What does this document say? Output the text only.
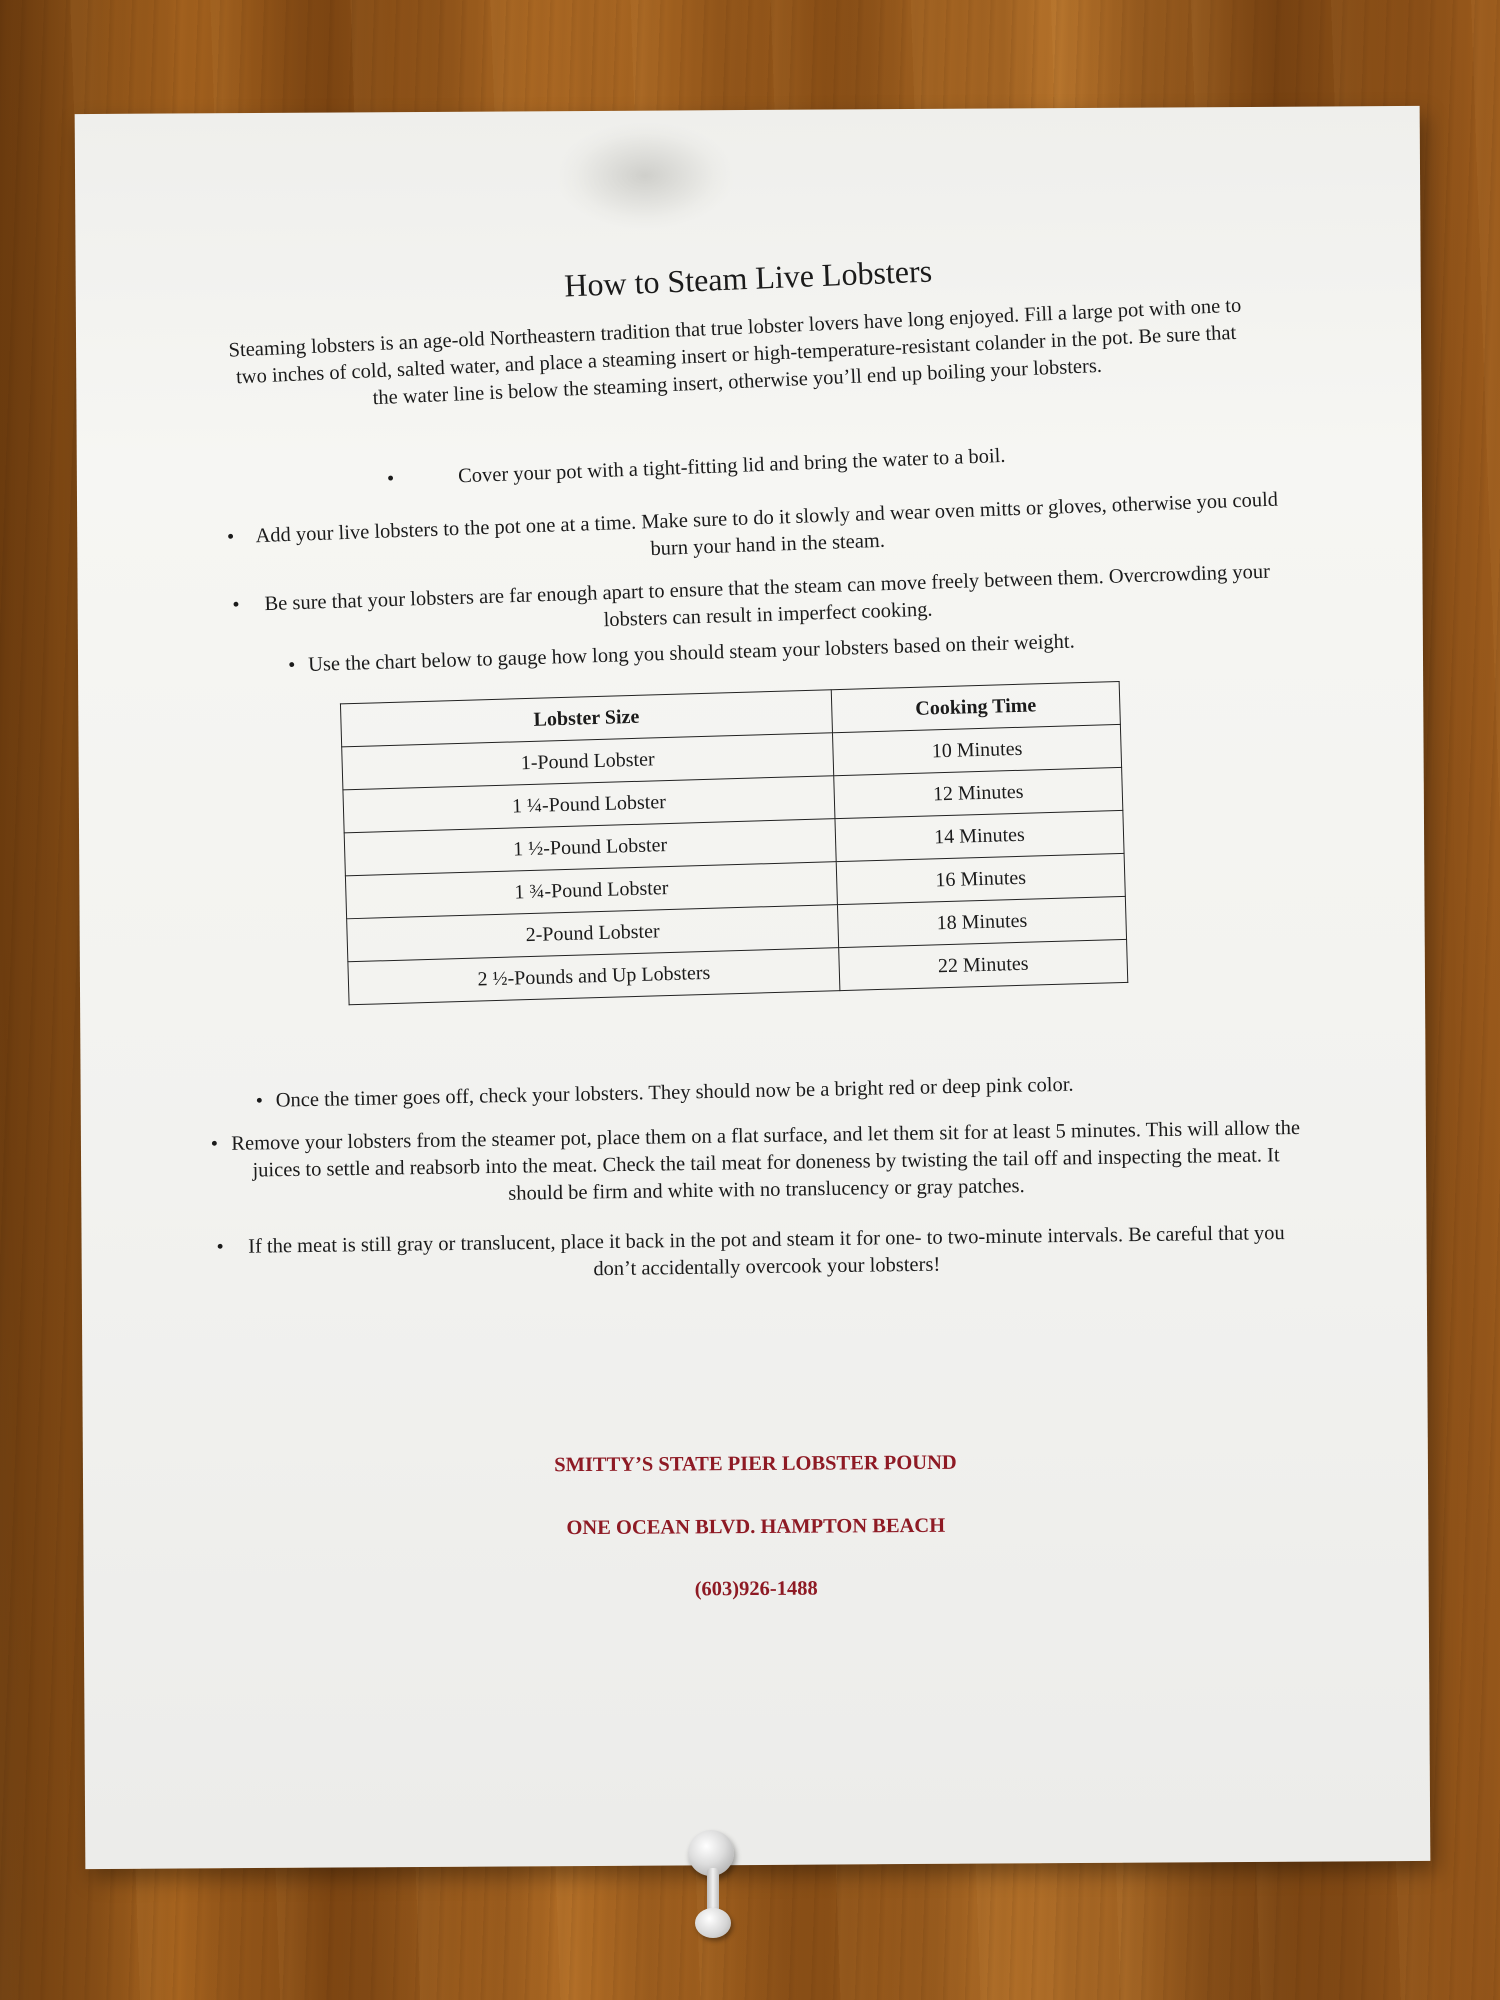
How to Steam Live Lobsters
Steaming lobsters is an age-old Northeastern tradition that true lobster lovers have long enjoyed. Fill a large pot with one to two inches of cold, salted water, and place a steaming insert or high-temperature-resistant colander in the pot. Be sure that the water line is below the steaming insert, otherwise you’ll end up boiling your lobsters.
•	Cover your pot with a tight-fitting lid and bring the water to a boil.
• Add your live lobsters to the pot one at a time. Make sure to do it slowly and wear oven mitts or gloves, otherwise you could burn your hand in the steam.
• Be sure that your lobsters are far enough apart to ensure that the steam can move freely between them. Overcrowding your lobsters can result in imperfect cooking.
• Use the chart below to gauge how long you should steam your lobsters based on their weight.
Lobster Size	Cooking Time
1-Pound Lobster	10 Minutes
1 ¼-Pound Lobster	12 Minutes
1 ½-Pound Lobster	14 Minutes
1 ¾-Pound Lobster	16 Minutes
2-Pound Lobster	18 Minutes
2 ½-Pounds and Up Lobsters	22 Minutes
• Once the timer goes off, check your lobsters. They should now be a bright red or deep pink color.
• Remove your lobsters from the steamer pot, place them on a flat surface, and let them sit for at least 5 minutes. This will allow the juices to settle and reabsorb into the meat. Check the tail meat for doneness by twisting the tail off and inspecting the meat. It should be firm and white with no translucency or gray patches.
• If the meat is still gray or translucent, place it back in the pot and steam it for one- to two-minute intervals. Be careful that you don’t accidentally overcook your lobsters!
SMITTY’S STATE PIER LOBSTER POUND
ONE OCEAN BLVD. HAMPTON BEACH
(603)926-1488
